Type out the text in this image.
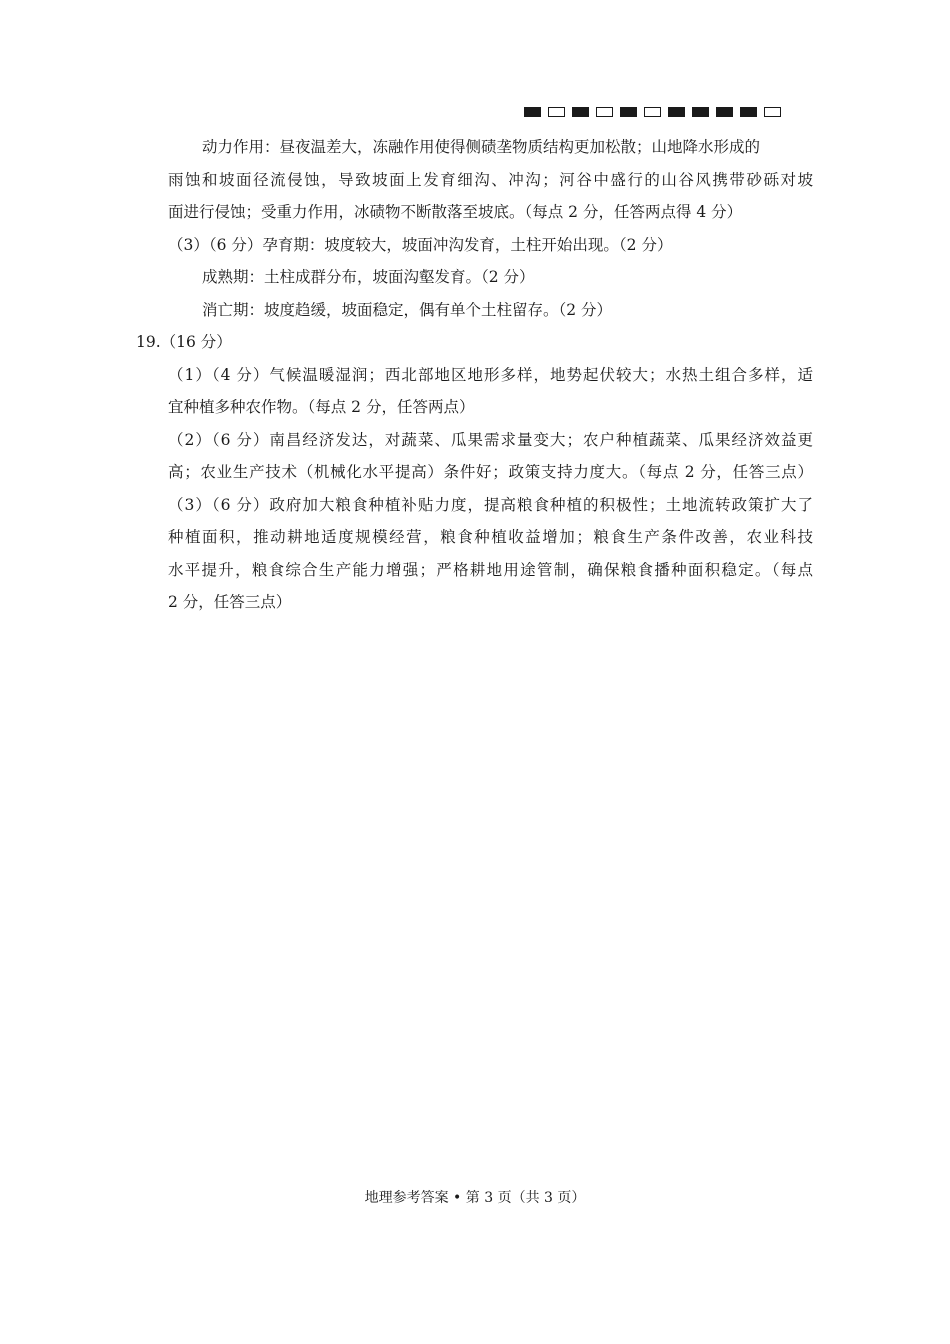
动力作用：昼夜温差大，冻融作用使得侧碛垄物质结构更加松散；山地降水形成的
雨蚀和坡面径流侵蚀，导致坡面上发育细沟、冲沟；河谷中盛行的山谷风携带砂砾对坡
面进行侵蚀；受重力作用，冰碛物不断散落至坡底。（每点 2 分，任答两点得 4 分）
（3）（6 分）孕育期：坡度较大，坡面冲沟发育，土柱开始出现。（2 分）
成熟期：土柱成群分布，坡面沟壑发育。（2 分）
消亡期：坡度趋缓，坡面稳定，偶有单个土柱留存。（2 分）
19.（16 分）
（1）（4 分）气候温暖湿润；西北部地区地形多样，地势起伏较大；水热土组合多样，适
宜种植多种农作物。（每点 2 分，任答两点）
（2）（6 分）南昌经济发达，对蔬菜、瓜果需求量变大；农户种植蔬菜、瓜果经济效益更
高；农业生产技术（机械化水平提高）条件好；政策支持力度大。（每点 2 分，任答三点）
（3）（6 分）政府加大粮食种植补贴力度，提高粮食种植的积极性；土地流转政策扩大了
种植面积，推动耕地适度规模经营，粮食种植收益增加；粮食生产条件改善，农业科技
水平提升，粮食综合生产能力增强；严格耕地用途管制，确保粮食播种面积稳定。（每点
2 分，任答三点）
地理参考答案 • 第 3 页（共 3 页）
